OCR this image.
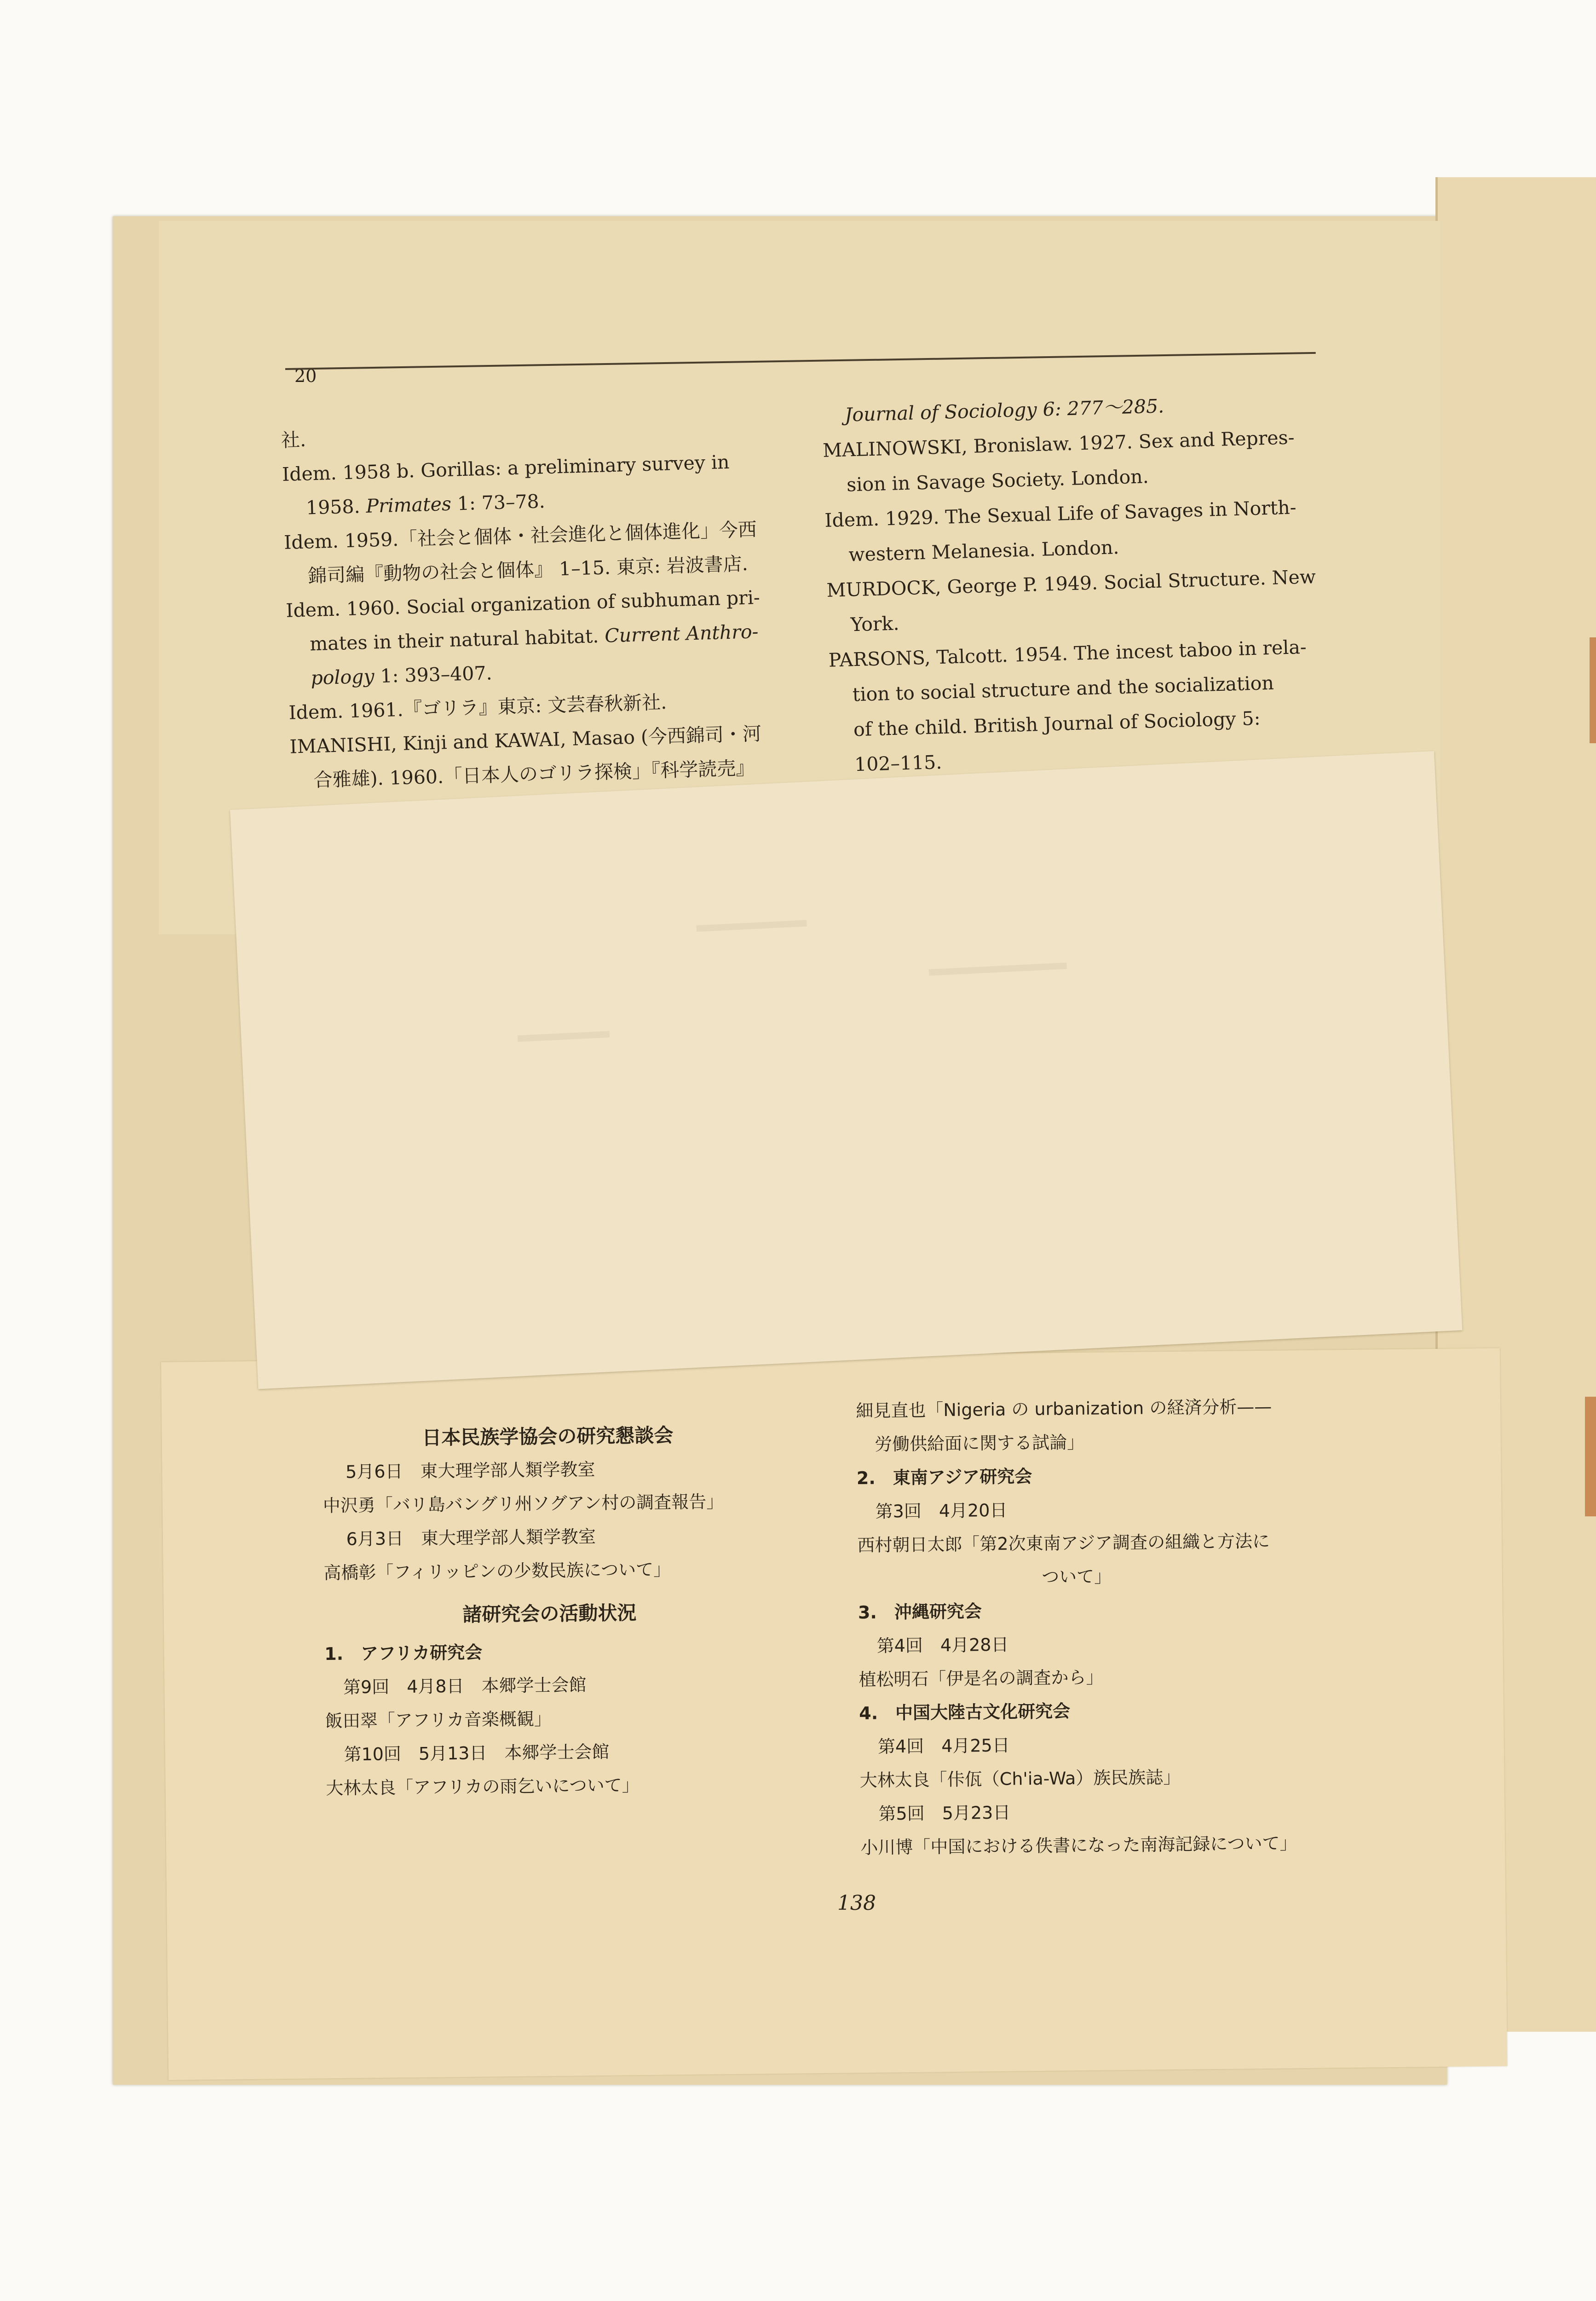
20
社.
Idem. 1958 b. Gorillas: a preliminary survey in
1958. Primates 1: 73–78.
Idem. 1959.「社会と個体・社会進化と個体進化」今西
錦司編『動物の社会と個体』 1–15. 東京: 岩波書店.
Idem. 1960. Social organization of subhuman pri-
mates in their natural habitat. Current Anthro-
pology 1: 393–407.
Idem. 1961.『ゴリラ』東京: 文芸春秋新社.
IMANISHI, Kinji and KAWAI, Masao (今西錦司・河
合雅雄). 1960.「日本人のゴリラ探検」『科学読売』
Journal of Sociology 6: 277〜285.
MALINOWSKI, Bronislaw. 1927. Sex and Repres-
sion in Savage Society. London.
Idem. 1929. The Sexual Life of Savages in North-
western Melanesia. London.
MURDOCK, George P. 1949. Social Structure. New
York.
PARSONS, Talcott. 1954. The incest taboo in rela-
tion to social structure and the socialization
of the child. British Journal of Sociology 5:
102–115.
日本民族学協会の研究懇談会
5月6日　東大理学部人類学教室
中沢勇「バリ島バングリ州ソグアン村の調査報告」
6月3日　東大理学部人類学教室
高橋彰「フィリッピンの少数民族について」
諸研究会の活動状況
1.　アフリカ研究会
第9回　4月8日　本郷学士会館
飯田翠「アフリカ音楽概観」
第10回　5月13日　本郷学士会館
大林太良「アフリカの雨乞いについて」
細見直也「Nigeria の urbanization の経済分析——
労働供給面に関する試論」
2.　東南アジア研究会
第3回　4月20日
西村朝日太郎「第2次東南アジア調査の組織と方法に
ついて」
3.　沖縄研究会
第4回　4月28日
植松明石「伊是名の調査から」
4.　中国大陸古文化研究会
第4回　4月25日
大林太良「佧佤（Ch'ia-Wa）族民族誌」
第5回　5月23日
小川博「中国における佚書になった南海記録について」
138
